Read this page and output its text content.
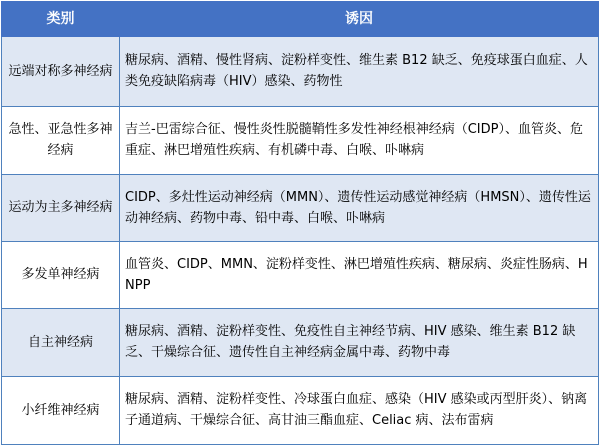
类别	诱因

远端对称多神经病	糖尿病、酒精、慢性肾病、淀粉样变性、维生素 B12 缺乏、免疫球蛋白血症、人类免疫缺陷病毒（HIV）感染、药物性

急性、亚急性多神经病	吉兰-巴雷综合征、慢性炎性脱髓鞘性多发性神经根神经病（CIDP）、血管炎、危重症、淋巴增殖性疾病、有机磷中毒、白喉、卟啉病

运动为主多神经病	CIDP、多灶性运动神经病（MMN）、遗传性运动感觉神经病（HMSN）、遗传性运动神经病、药物中毒、铅中毒、白喉、卟啉病

多发单神经病	血管炎、CIDP、MMN、淀粉样变性、淋巴增殖性疾病、糖尿病、炎症性肠病、HNPP

自主神经病	糖尿病、酒精、淀粉样变性、免疫性自主神经节病、HIV 感染、维生素 B12 缺乏、干燥综合征、遗传性自主神经病金属中毒、药物中毒

小纤维神经病	糖尿病、酒精、淀粉样变性、冷球蛋白血症、感染（HIV 感染或丙型肝炎）、钠离子通道病、干燥综合征、高甘油三酯血症、Celiac 病、法布雷病
